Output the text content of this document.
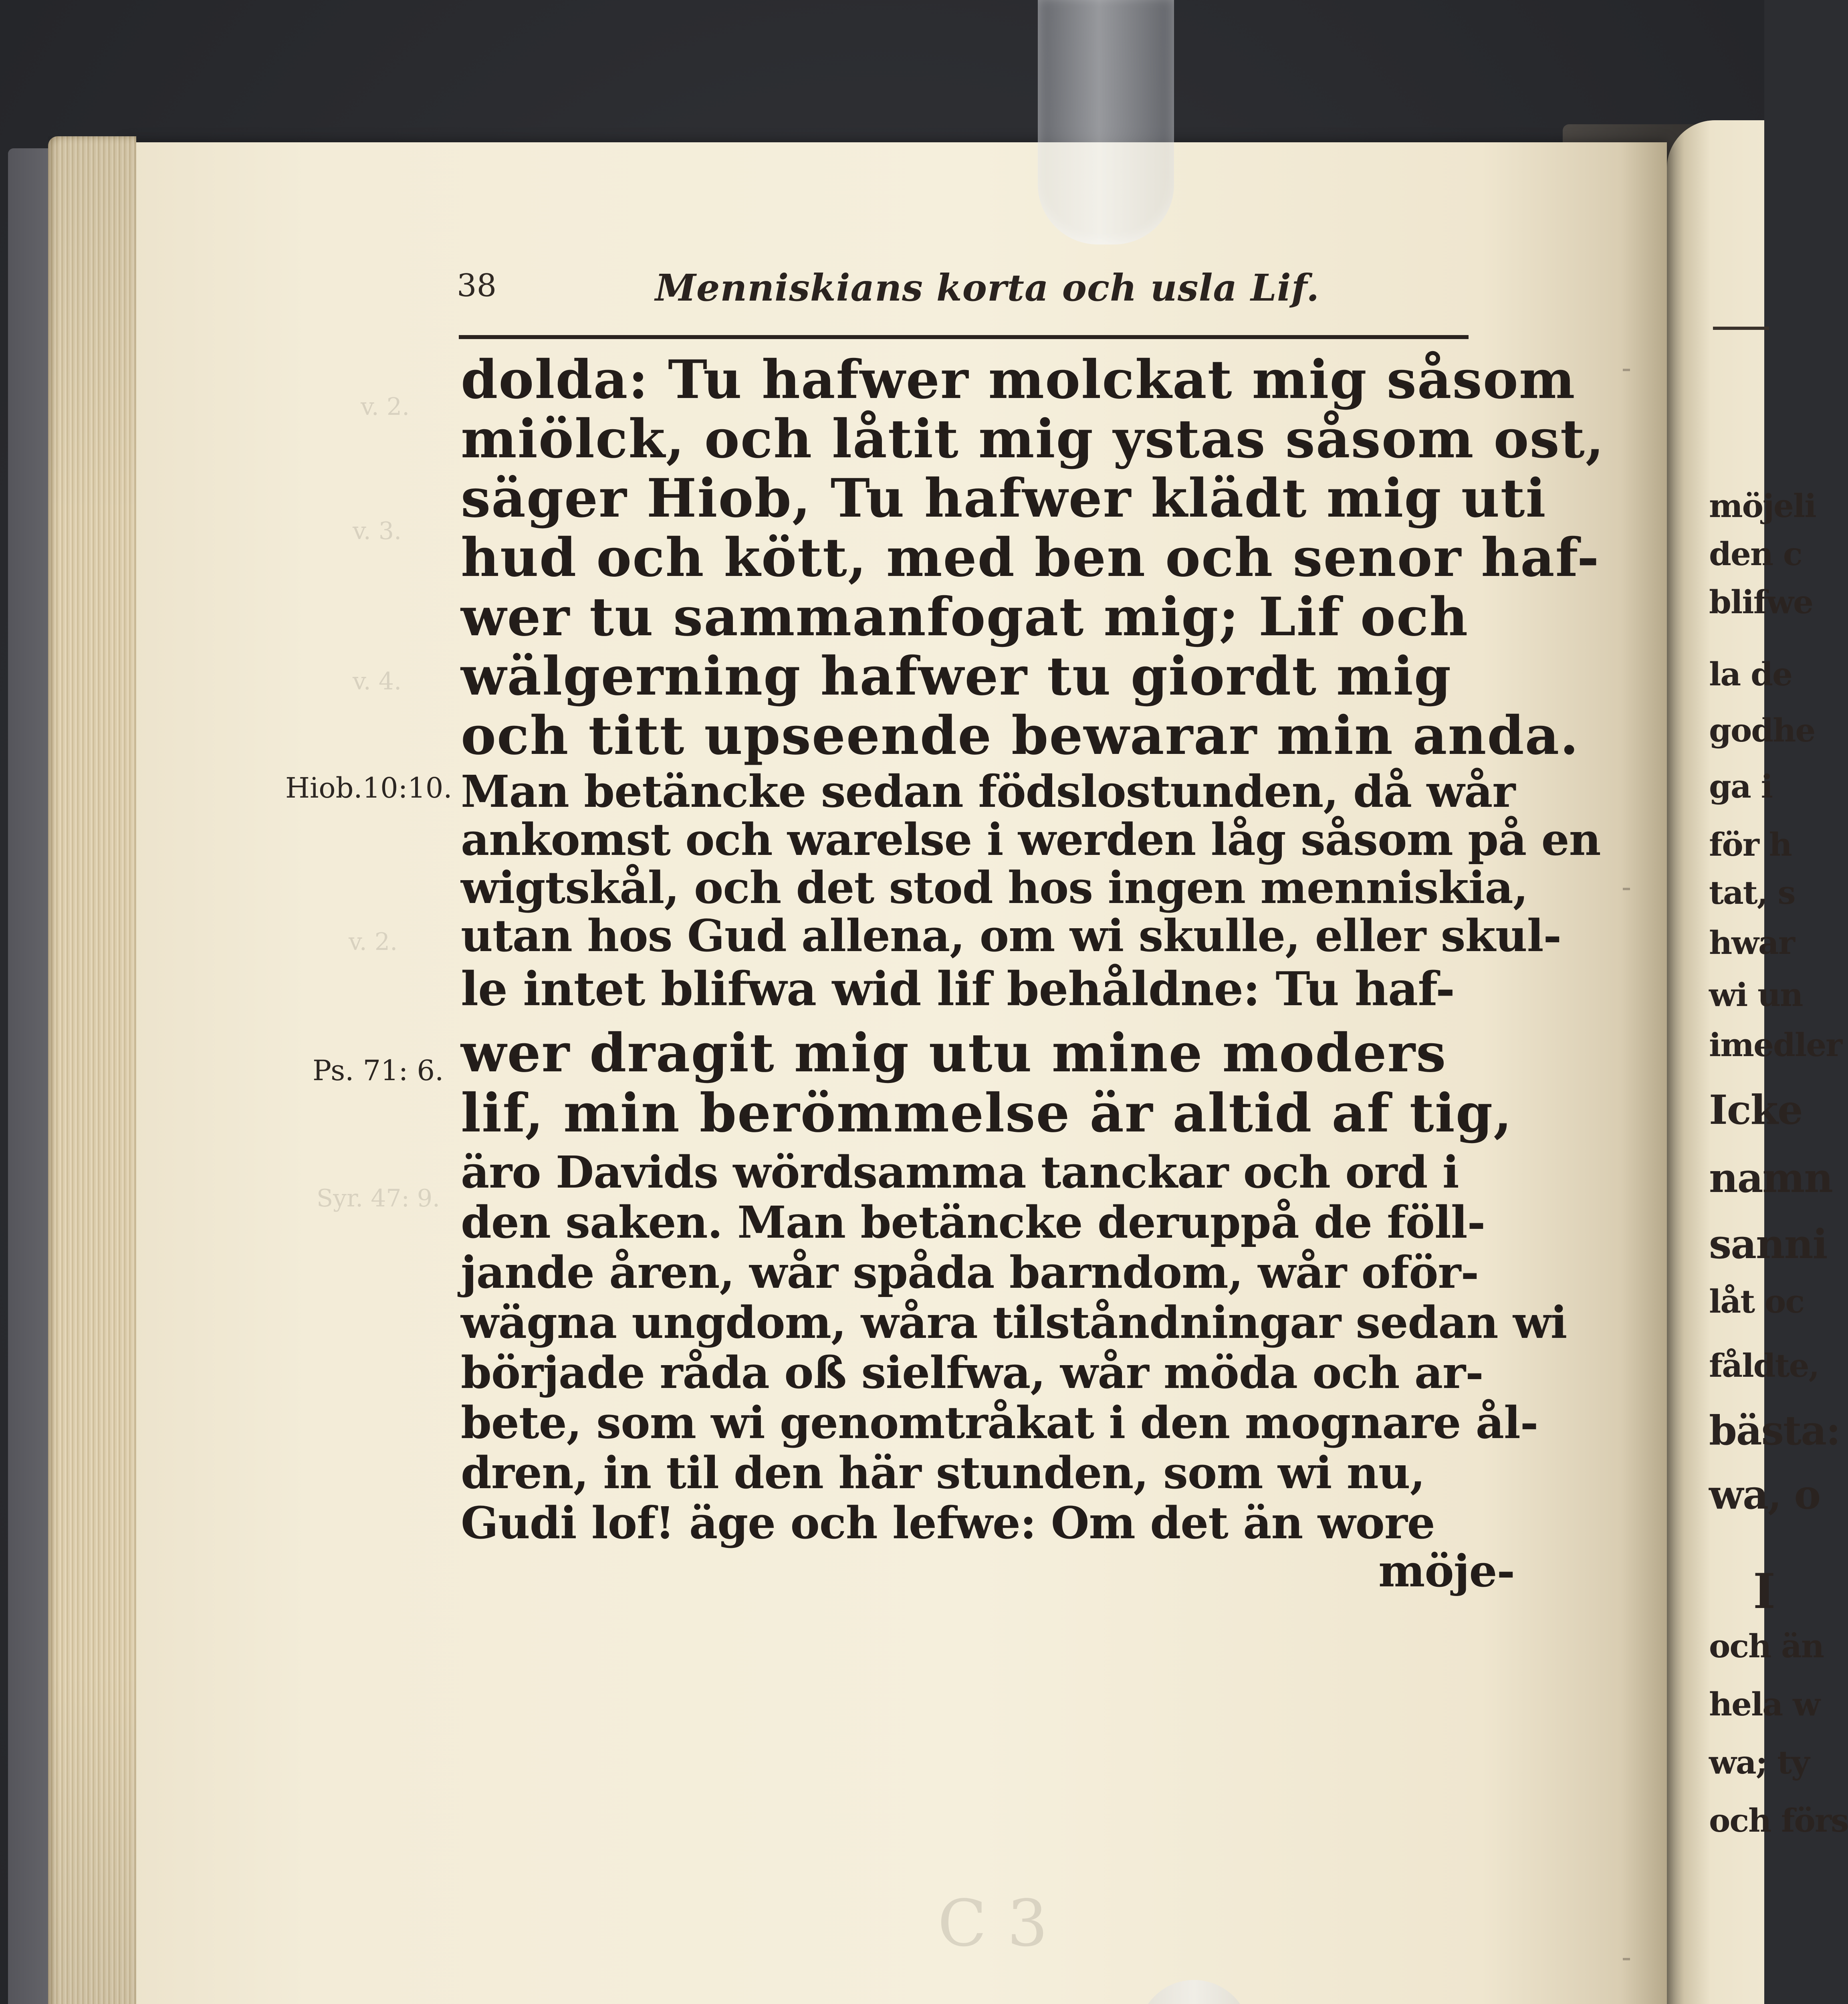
möjeli
den c
blifwe
la de
godhe
ga i
för h
tat, s
hwar
wi un
imedler
Icke
namn
sanni
låt oc
fåldte,
bästa:
wa, o
I
och än
hela w
wa; ty
och förs
v. 2.
Syr. 47: 9.
C 3
v. 2.
v. 3.
v. 4.
38	Menniskians korta och usla Lif.
Hiob.10:10.
Ps. 71: 6.
dolda: Tu hafwer molckat mig såsom
miölck, och låtit mig ystas såsom ost,
säger Hiob, Tu hafwer klädt mig uti
hud och kött, med ben och senor haf-
wer tu sammanfogat mig; Lif och
wälgerning hafwer tu giordt mig
och titt upseende bewarar min anda.
Man betäncke sedan födslostunden, då wår
ankomst och warelse i werden låg såsom på en
wigtskål, och det stod hos ingen menniskia,
utan hos Gud allena, om wi skulle, eller skul-
le intet blifwa wid lif behåldne: Tu haf-
wer dragit mig utu mine moders
lif, min berömmelse är altid af tig,
äro Davids wördsamma tanckar och ord i
den saken. Man betäncke deruppå de föll-
jande åren, wår spåda barndom, wår oför-
wägna ungdom, wåra tilståndningar sedan wi
började råda oß sielfwa, wår möda och ar-
bete, som wi genomtråkat i den mognare ål-
dren, in til den här stunden, som wi nu,
Gudi lof! äge och lefwe: Om det än wore
möje-
